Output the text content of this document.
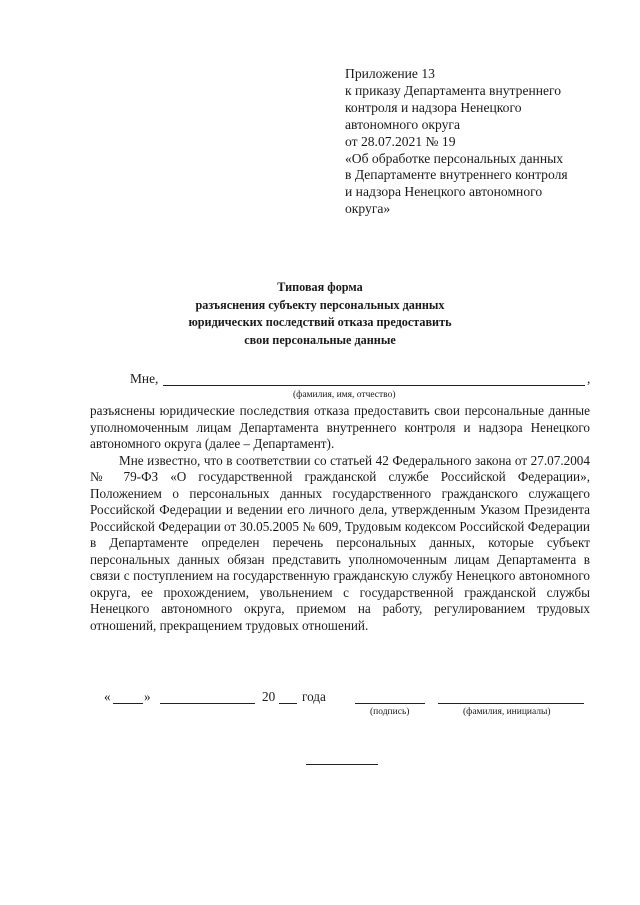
Приложение 13
к приказу Департамента внутреннего
контроля и надзора Ненецкого
автономного округа
от 28.07.2021 № 19
«Об обработке персональных данных
в Департаменте внутреннего контроля
и надзора Ненецкого автономного
округа»
Типовая форма
разъяснения субъекту персональных данных
юридических последствий отказа предоставить
свои персональные данные
Мне,	,
(фамилия, имя, отчество)

разъяснены юридические последствия отказа предоставить свои персональные данные уполномоченным лицам Департамента внутреннего контроля и надзора Ненецкого автономного округа (далее – Департамент).

Мне известно, что в соответствии со статьей 42 Федерального закона от 27.07.2004 № 79-ФЗ «О государственной гражданской службе Российской Федерации», Положением о персональных данных государственного гражданского служащего Российской Федерации и ведении его личного дела, утвержденным Указом Президента Российской Федерации от 30.05.2005 № 609, Трудовым кодексом Российской Федерации в Департаменте определен перечень персональных данных, которые субъект персональных данных обязан представить уполномоченным лицам Департамента в связи с поступлением на государственную гражданскую службу Ненецкого автономного округа, ее прохождением, увольнением с государственной гражданской службы Ненецкого автономного округа, приемом на работу, регулированием трудовых отношений, прекращением трудовых отношений.

«	»	20 года
(подпись)	(фамилия, инициалы)
